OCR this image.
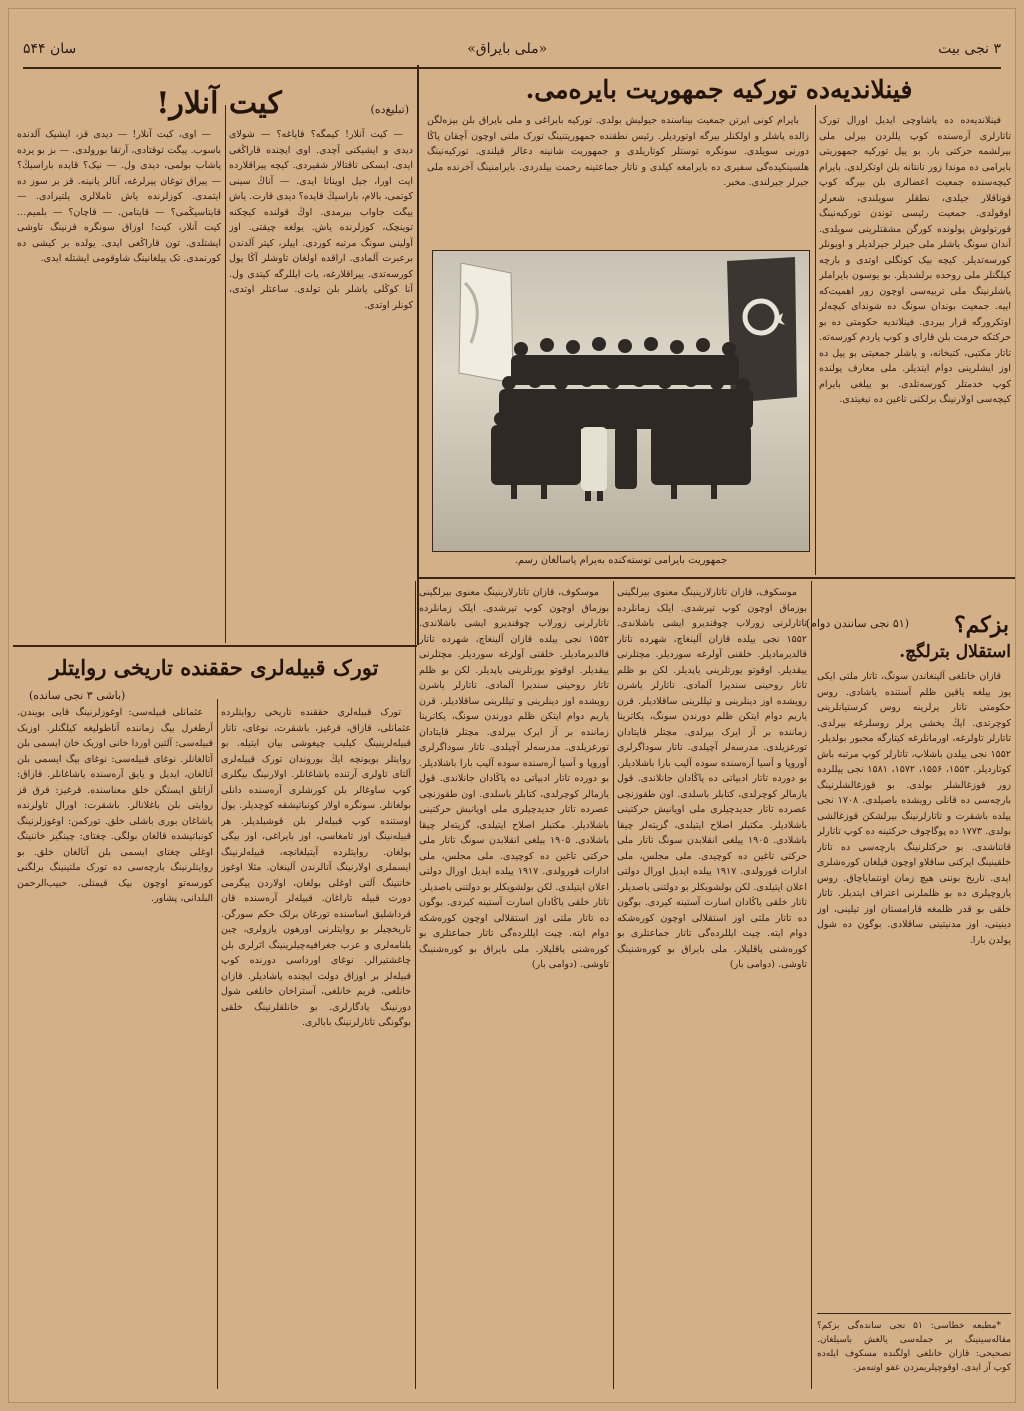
۳ نجی بیت
«ملی بایراق»
سان ۵۴۴
فینلاندیه‌ده تورکیه جمهوریت بایره‌می.

فینلاندیه‌ده ده یاشاوچی ایدیل اورال تورک تاتارلری آره‌سنده کوپ یللردن بیرلی ملی بیرلشمه حرکتی بار. بو ییل تورکیه جمهوریتی بایرامی ده موندا زور تانتانه بلن اوتکرلدی. بایرام کیچه‌سنده جمعیت اعضالری بلن بیرگه کوپ قوناقلار جیلدی، نطقلر سویلندی، شعرلر اوقولدی. جمعیت رئیسی توندن تورکیه‌نینگ قورتولوش یولونده کورگن مشقتلرینی سویلدی. آندان سونگ یاشلر ملی جیرلر جیرلدیلر و اویونلر کورسه‌تدیلر. کیچه بیک کونگلی اوتدی و بارچه کیلگنلر ملی روحده برلشدیلر. بو یوسون بایراملر یاشلرنینگ ملی تربیه‌سی اوچون زور اهمیت‌که اییه. جمعیت بوندان سونگ ده شوندای کیچه‌لر اوتکرورگه قرار بیردی. فینلاندیه حکومتی ده بو حرکتکه حرمت بلن قارای و کوپ یاردم کورسه‌ته. تاتار مکتبی، کتبخانه، و یاشلر جمعیتی بو ییل ده اوز ایشلرینی دوام ایتدیلر. ملی معارف یولنده کوپ خدمتلر کورسه‌تلدی. بو ییلغی بایرام کیچه‌سی اولارنینگ برلکنی تاغین ده نیغیتدی.

بایرام کونی ایرتن جمعیت بیناسنده جیولیش بولدی. تورکیه بایراغی و ملی بایراق بلن بیزه‌لگن زالده یاشلر و اولکنلر بیرگه اوتوردیلر. رئیس نطقنده جمهوریتنینگ تورک ملتی اوچون آچقان یاڭا دورنی سویلدی. سونگره توستلر کوتاریلدی و جمهوریت شانینه دعالر قیلندی. تورکیه‌نینگ هلسینکیده‌گی سفیری ده بایرامغه کیلدی و تاتار جماعتینه رحمت بیلدردی. بایرامنینگ آخرنده ملی جیرلر جیرلندی. مخبر.

جمهوریت بایرامی توسته‌کنده به‌یرام یاسالغان رسم.
کیت آنلار!	(تبلیغ‌ده)

— کیت آنلار! کیمگه؟ قایاغه؟ — شولای دیدی و ایشیکنی آچدی. اوی ایچنده قاراڭغی ایدی. ایسکی تاقتالار شقیردی. کیچه ییراقلارده ایت اورا، جیل اویناتا ایدی. — آناڭ سینی کوتمی، بالام، باراسیڭ قایده؟ دیدی قارت. یاش ییگت جاواب بیرمدی. اوڭ قولنده کیچکنه توینچک، کوزلرنده یاش. یولغه چیقتی. اوز آولینی سونگ مرتبه کوردی. اییلر، کیتر آلدندن برعبرت آلمادی. اراقده اولغان تاوشلر آڭا یول کورسه‌تدی. ییراقلارغه، یات ایللرگه کیتدی ول. آنا کوڭلی یاشلر بلن تولدی. ساعتلر اوتدی، کونلر اوتدی.

— اوی، کیت آنلار! — دیدی قز، ایشیک آلدنده باسوب. ییگت توقتادی، آرتقا بورولدی. — بز بو یرده یاشاب بولمی، دیدی ول. — نیک؟ قایده باراسیڭ؟ — ییراق توغان ییرلرغه، آنالر یانینه. قز بر سوز ده ایتمدی. کوزلرنده یاش تاملالری یلتیرادی. — قایتاسیڭمی؟ — قایتامن. — قاچان؟ — بلمیم… کیت آنلار، کیت! اوزاق سونگره قزنینگ تاوشی ایشتلدی. تون قاراڭغی ایدی. یولده بر کیشی ده کورنمدی. تک ییلغانینگ شاوقومی ایشتله ایدی.

تورک قبیله‌لری حققنده تاریخی روایتلر
(باشی ۳ نجی سانده)

تورک قبیله‌لری حققنده تاریخی روایتلرده عثمانلی، قازاق، قرغیز، باشقرت، نوغای، تاتار قبیله‌لرینینگ کیلیب چیغوشی بیان ایتیله. بو روایتلر بویونچه ایڭ بوروندان تورک قبیله‌لری آلتای تاولری آرتنده یاشاغانلر. اولارنینگ بیگلری کوپ ساوغالر بلن کورشلری آره‌سنده دانلی بولغانلر. سونگره اولار کونباتیشقه کوچدیلر. یول اوستنده کوپ قبیله‌لر بلن قوشیلدیلر. هر قبیله‌نینگ اوز تامغاسی، اوز بایراغی، اوز بیگی بولغان. روایتلرده آیتیلغانچه، قبیله‌لرنینگ ایسملری اولارنینگ آتالرندن آلینغان. مثلا اوغوز خاننینگ آلتی اوغلی بولغان، اولاردن ییگرمی دورت قبیله تاراغان. قبیله‌لر آره‌سنده قان قرداشلیق اساسنده تورغان برلک حکم سورگن. تاریخچیلر بو روایتلرنی اورهون یازولری، چین یلنامه‌لری و عرب جغرافیه‌چیلرینینگ اثرلری بلن چاغشتیرالر. نوغای اوردا‌سی دورنده کوپ قبیله‌لر بر اوزاق دولت ایچنده یاشادیلر. قازان خانلغی، قریم خانلغی، آستراخان خانلغی شول دورنینگ یادگارلری. بو خانلقلرنینگ خلقی بوگونگی تاتارلرنینگ بابالری.

عثمانلی قبیله‌سی: اوغوزلرنینگ قایی بویندن. آرطغرل بیگ زماننده آناطولیغه کیلگنلر. اوزبک قبیله‌سی: آلتین اوردا خانی اوزبک خان ایسمی بلن آتالغانلر. نوغای قبیله‌سی: نوغای بیگ ایسمی بلن آتالغان، ایدیل و یایق آره‌سنده یاشاغانلر. قازاق: آزاتلق ایستگن خلق معناسنده. قرغیز: قرق قز روایتی بلن باغلانالر. باشقرت: اورال تاولرنده یاشاغان بوری باشلی خلق. تورکمن: اوغوزلرنینگ کونباتیشده قالغان بولگی. چغتای: چینگیز خاننینگ اوغلی چغتای ایسمی بلن آتالغان خلق. بو روایتلرنینگ بارچه‌سی ده تورک ملتینینگ برلگنی کورسه‌تو اوچون بیک قیمتلی. حبیب‌الرحمن البلدانی، پشاور.

موسکوف، قازان تاتارلارینینگ معنوی بیرلگینی بوزماق اوچون کوپ تیرشدی. ایلک زمانلرده تاتارلرنی زورلاب چوقندیرو ایشی باشلاندی. ۱۵۵۲ نجی ییلده قازان آلینغاچ، شهرده تاتار قالدیرمادیلر. خلقنی آولرغه سوردیلر. مچتلرنی ییقدیلر. اوقوتو یورتلرینی یاپدیلر. لکن بو ظلم تاتار روحینی سندیرا آلمادی. تاتارلر یاشرن رویشده اوز دینلرینی و تیللرینی ساقلادیلر. قرن یاریم دوام ایتکن ظلم دورندن سونگ، یکاترینا زماننده بر آز ایرک بیرلدی. مچتلر قایتادان تورغزیلدی. مدرسه‌لر آچیلدی. تاتار سوداگرلری آوروپا و آسیا آره‌سنده سوده آلیب بارا باشلادیلر. بو دورده تاتار ادبیاتی ده یاڭادان جانلاندی. قول یازمالر کوچرلدی، کتابلر باسلدی. اون طقوزنچی عصرده تاتار جدیدچیلری ملی اویانیش حرکتینی باشلادیلر. مکتبلر اصلاح ایتیلدی، گزیته‌لر چیقا باشلادی. ۱۹۰۵ ییلغی انقلابدن سونگ تاتار ملی حرکتی تاغین ده کوچیدی. ملی مجلس، ملی ادارات قورولدی. ۱۹۱۷ ییلده ایدیل اورال دولتی اعلان ایتیلدی. لکن بولشویکلر بو دولتنی باصدیلر. تاتار خلقی یاڭادان اسارت آستینه کیردی. بوگون ده تاتار ملتی اوز استقلالی اوچون کوره‌شکه دوام ایته. چیت ایللرده‌گی تاتار جماعتلری بو کوره‌شنی یاقلیلار. ملی بایراق بو کوره‌شنینگ تاوشی. (دوامی بار)

موسکوف، قازان تاتارلارینینگ معنوی بیرلگینی بوزماق اوچون کوپ تیرشدی. ایلک زمانلرده تاتارلرنی زورلاب چوقندیرو ایشی باشلاندی. ۱۵۵۲ نجی ییلده قازان آلینغاچ، شهرده تاتار قالدیرمادیلر. خلقنی آولرغه سوردیلر. مچتلرنی ییقدیلر. اوقوتو یورتلرینی یاپدیلر. لکن بو ظلم تاتار روحینی سندیرا آلمادی. تاتارلر یاشرن رویشده اوز دینلرینی و تیللرینی ساقلادیلر. قرن یاریم دوام ایتکن ظلم دورندن سونگ، یکاترینا زماننده بر آز ایرک بیرلدی. مچتلر قایتادان تورغزیلدی. مدرسه‌لر آچیلدی. تاتار سوداگرلری آوروپا و آسیا آره‌سنده سوده آلیب بارا باشلادیلر. بو دورده تاتار ادبیاتی ده یاڭادان جانلاندی. قول یازمالر کوچرلدی، کتابلر باسلدی. اون طقوزنچی عصرده تاتار جدیدچیلری ملی اویانیش حرکتینی باشلادیلر. مکتبلر اصلاح ایتیلدی، گزیته‌لر چیقا باشلادی. ۱۹۰۵ ییلغی انقلابدن سونگ تاتار ملی حرکتی تاغین ده کوچیدی. ملی مجلس، ملی ادارات قورولدی. ۱۹۱۷ ییلده ایدیل اورال دولتی اعلان ایتیلدی. لکن بولشویکلر بو دولتنی باصدیلر. تاتار خلقی یاڭادان اسارت آستینه کیردی. بوگون ده تاتار ملتی اوز استقلالی اوچون کوره‌شکه دوام ایته. چیت ایللرده‌گی تاتار جماعتلری بو کوره‌شنی یاقلیلار. ملی بایراق بو کوره‌شنینگ تاوشی. (دوامی بار)

بزکم؟
(۵۱ نجی سانندن دوام)
استقلال بترلگچ.

قازان خانلغی آلینغاندن سونگ، تاتار ملتی ایکی یوز ییلغه یاقین ظلم آستنده یاشادی. روس حکومتی تاتار یرلرینه روس کرستیانلرینی کوچرتدی. ایڭ یخشی یرلر روسلرغه بیرلدی. تاتارلر تاولرغه، اورمانلرغه کیتارگه مجبور بولدیلر. ۱۵۵۲ نجی ییلدن باشلاپ، تاتارلر کوپ مرتبه باش کوتاردیلر. ۱۵۵۳، ۱۵۵۶، ۱۵۷۲، ۱۵۸۱ نجی ییللرده زور قوزغالشلر بولدی. بو قوزغالشلرنینگ بارچه‌سی ده قانلی رویشده باصیلدی. ۱۷۰۸ نجی ییلده باشقرت و تاتارلرنینگ بیرلشکن قوزغالشی بولدی. ۱۷۷۳ ده پوگاچوف حرکتینه ده کوپ تاتارلر قاتناشدی. بو حرکتلرنینگ بارچه‌سی ده تاتار خلقینینگ ایرکنی ساقلاو اوچون قیلغان کوره‌شلری ایدی. تاریخ بوننی هیچ زمان اونتمایاچاق. روس یازوچیلری ده بو ظلملرنی اعتراف ایتدیلر. تاتار خلقی بو قدر ظلمغه قارامستان اوز تیلینی، اوز دینینی، اوز مدنیتینی ساقلادی. بوگون ده شول یولدن بارا.

*مطبعه خطاسی: ۵۱ نجی سانده‌گی بزکم؟ مقاله‌سینینگ بر جمله‌سی یالغش باسیلغان. تصحیحی: قازان خانلغی اولگنده مسکوف ایله‌ده کوپ آز ایدی. اوقوچیلریمزدن عفو اوتنه‌مز.
